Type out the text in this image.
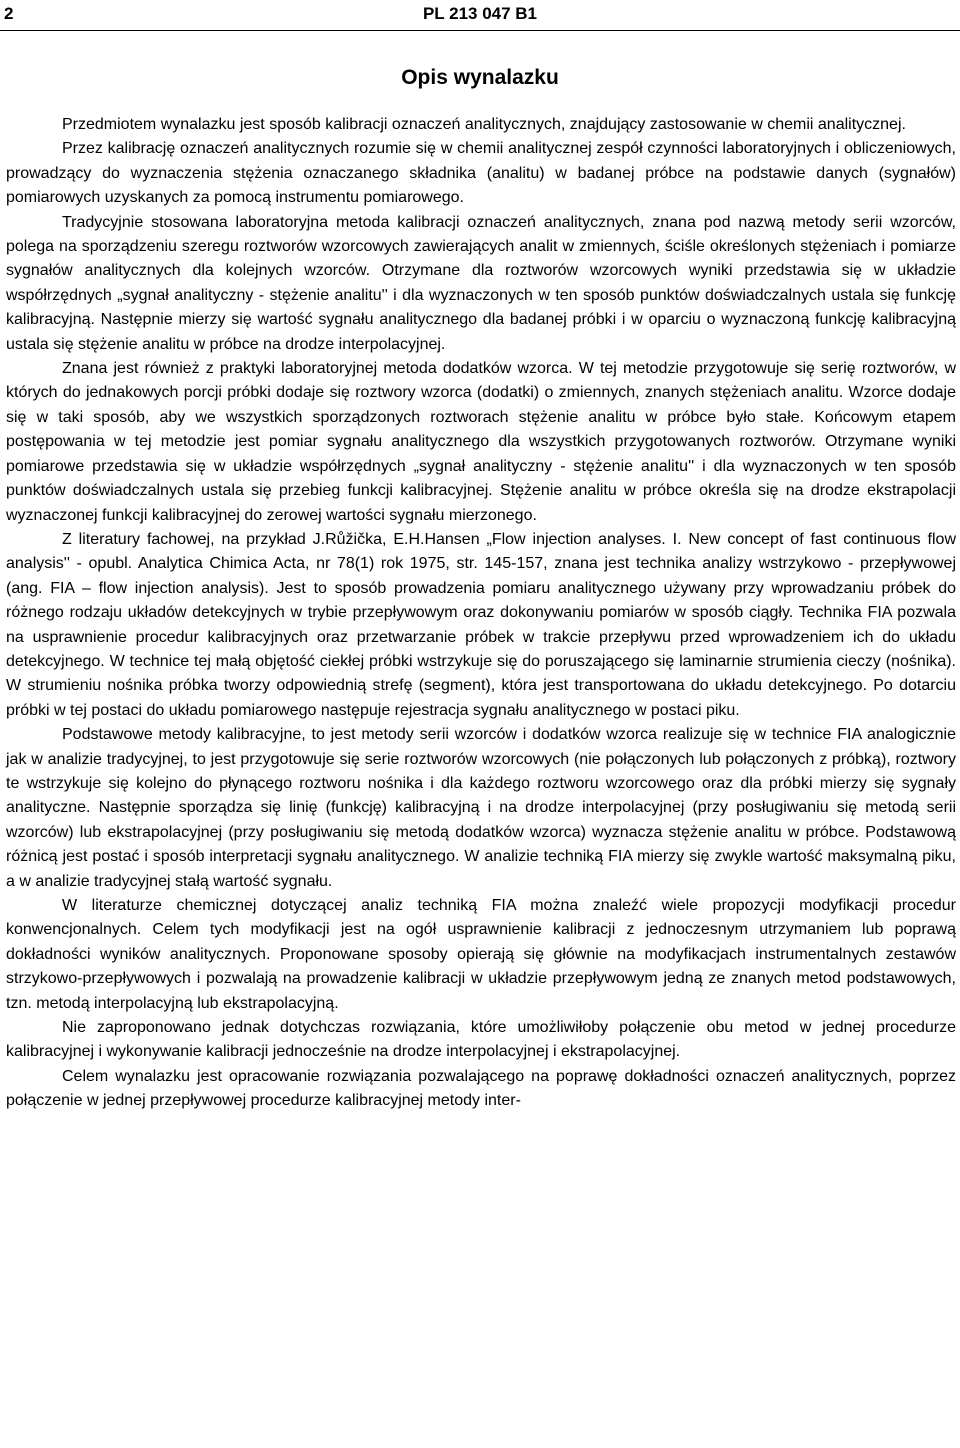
2	PL 213 047 B1
Opis wynalazku

Przedmiotem wynalazku jest sposób kalibracji oznaczeń analitycznych, znajdujący zastosowanie w chemii analitycznej.

Przez kalibrację oznaczeń analitycznych rozumie się w chemii analitycznej zespół czynności laboratoryjnych i obliczeniowych, prowadzący do wyznaczenia stężenia oznaczanego składnika (analitu) w badanej próbce na podstawie danych (sygnałów) pomiarowych uzyskanych za pomocą instrumentu pomiarowego.

Tradycyjnie stosowana laboratoryjna metoda kalibracji oznaczeń analitycznych, znana pod nazwą metody serii wzorców, polega na sporządzeniu szeregu roztworów wzorcowych zawierających analit w zmiennych, ściśle określonych stężeniach i pomiarze sygnałów analitycznych dla kolejnych wzorców. Otrzymane dla roztworów wzorcowych wyniki przedstawia się w układzie współrzędnych „sygnał analityczny - stężenie analitu'' i dla wyznaczonych w ten sposób punktów doświadczalnych ustala się funkcję kalibracyjną. Następnie mierzy się wartość sygnału analitycznego dla badanej próbki i w oparciu o wyznaczoną funkcję kalibracyjną ustala się stężenie analitu w próbce na drodze interpolacyjnej.

Znana jest również z praktyki laboratoryjnej metoda dodatków wzorca. W tej metodzie przygotowuje się serię roztworów, w których do jednakowych porcji próbki dodaje się roztwory wzorca (dodatki) o zmiennych, znanych stężeniach analitu. Wzorce dodaje się w taki sposób, aby we wszystkich sporządzonych roztworach stężenie analitu w próbce było stałe. Końcowym etapem postępowania w tej metodzie jest pomiar sygnału analitycznego dla wszystkich przygotowanych roztworów. Otrzymane wyniki pomiarowe przedstawia się w układzie współrzędnych „sygnał analityczny - stężenie analitu'' i dla wyznaczonych w ten sposób punktów doświadczalnych ustala się przebieg funkcji kalibracyjnej. Stężenie analitu w próbce określa się na drodze ekstrapolacji wyznaczonej funkcji kalibracyjnej do zerowej wartości sygnału mierzonego.

Z literatury fachowej, na przykład J.Růžička, E.H.Hansen „Flow injection analyses. I. New concept of fast continuous flow analysis'' - opubl. Analytica Chimica Acta, nr 78(1) rok 1975, str. 145-157, znana jest technika analizy wstrzykowo - przepływowej (ang. FIA – flow injection analysis). Jest to sposób prowadzenia pomiaru analitycznego używany przy wprowadzaniu próbek do różnego rodzaju układów detekcyjnych w trybie przepływowym oraz dokonywaniu pomiarów w sposób ciągły. Technika FIA pozwala na usprawnienie procedur kalibracyjnych oraz przetwarzanie próbek w trakcie przepływu przed wprowadzeniem ich do układu detekcyjnego. W technice tej małą objętość ciekłej próbki wstrzykuje się do poruszającego się laminarnie strumienia cieczy (nośnika). W strumieniu nośnika próbka tworzy odpowiednią strefę (segment), która jest transportowana do układu detekcyjnego. Po dotarciu próbki w tej postaci do układu pomiarowego następuje rejestracja sygnału analitycznego w postaci piku.

Podstawowe metody kalibracyjne, to jest metody serii wzorców i dodatków wzorca realizuje się w technice FIA analogicznie jak w analizie tradycyjnej, to jest przygotowuje się serie roztworów wzorcowych (nie połączonych lub połączonych z próbką), roztwory te wstrzykuje się kolejno do płynącego roztworu nośnika i dla każdego roztworu wzorcowego oraz dla próbki mierzy się sygnały analityczne. Następnie sporządza się linię (funkcję) kalibracyjną i na drodze interpolacyjnej (przy posługiwaniu się metodą serii wzorców) lub ekstrapolacyjnej (przy posługiwaniu się metodą dodatków wzorca) wyznacza stężenie analitu w próbce. Podstawową różnicą jest postać i sposób interpretacji sygnału analitycznego. W analizie techniką FIA mierzy się zwykle wartość maksymalną piku, a w analizie tradycyjnej stałą wartość sygnału.

W literaturze chemicznej dotyczącej analiz techniką FIA można znaleźć wiele propozycji modyfikacji procedur konwencjonalnych. Celem tych modyfikacji jest na ogół usprawnienie kalibracji z jednoczesnym utrzymaniem lub poprawą dokładności wyników analitycznych. Proponowane sposoby opierają się głównie na modyfikacjach instrumentalnych zestawów strzykowo-przepływowych i pozwalają na prowadzenie kalibracji w układzie przepływowym jedną ze znanych metod podstawowych, tzn. metodą interpolacyjną lub ekstrapolacyjną.

Nie zaproponowano jednak dotychczas rozwiązania, które umożliwiłoby połączenie obu metod w jednej procedurze kalibracyjnej i wykonywanie kalibracji jednocześnie na drodze interpolacyjnej i ekstrapolacyjnej.

Celem wynalazku jest opracowanie rozwiązania pozwalającego na poprawę dokładności oznaczeń analitycznych, poprzez połączenie w jednej przepływowej procedurze kalibracyjnej metody inter-
